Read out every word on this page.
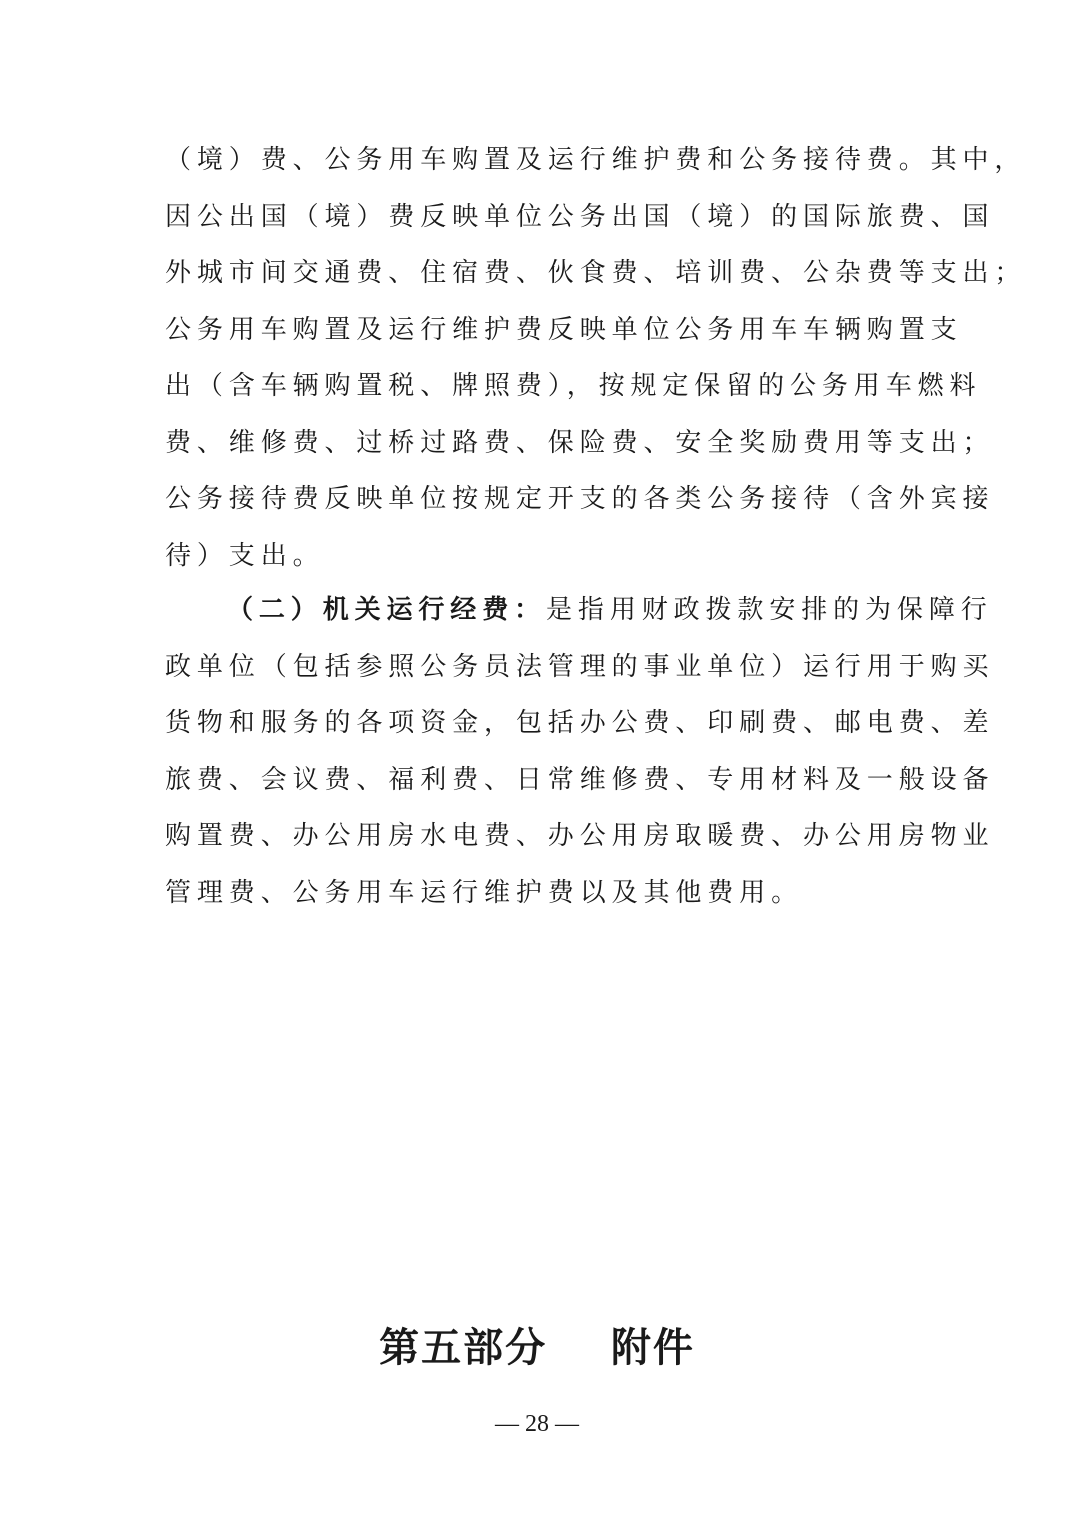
（境）费、公务用车购置及运行维护费和公务接待费。其中，
因公出国（境）费反映单位公务出国（境）的国际旅费、国
外城市间交通费、住宿费、伙食费、培训费、公杂费等支出；
公务用车购置及运行维护费反映单位公务用车车辆购置支
出（含车辆购置税、牌照费），按规定保留的公务用车燃料
费、维修费、过桥过路费、保险费、安全奖励费用等支出；
公务接待费反映单位按规定开支的各类公务接待（含外宾接
待）支出。
（二）机关运行经费：是指用财政拨款安排的为保障行
政单位（包括参照公务员法管理的事业单位）运行用于购买
货物和服务的各项资金，包括办公费、印刷费、邮电费、差
旅费、会议费、福利费、日常维修费、专用材料及一般设备
购置费、办公用房水电费、办公用房取暖费、办公用房物业
管理费、公务用车运行维护费以及其他费用。
第五部分    附件
— 28 —
